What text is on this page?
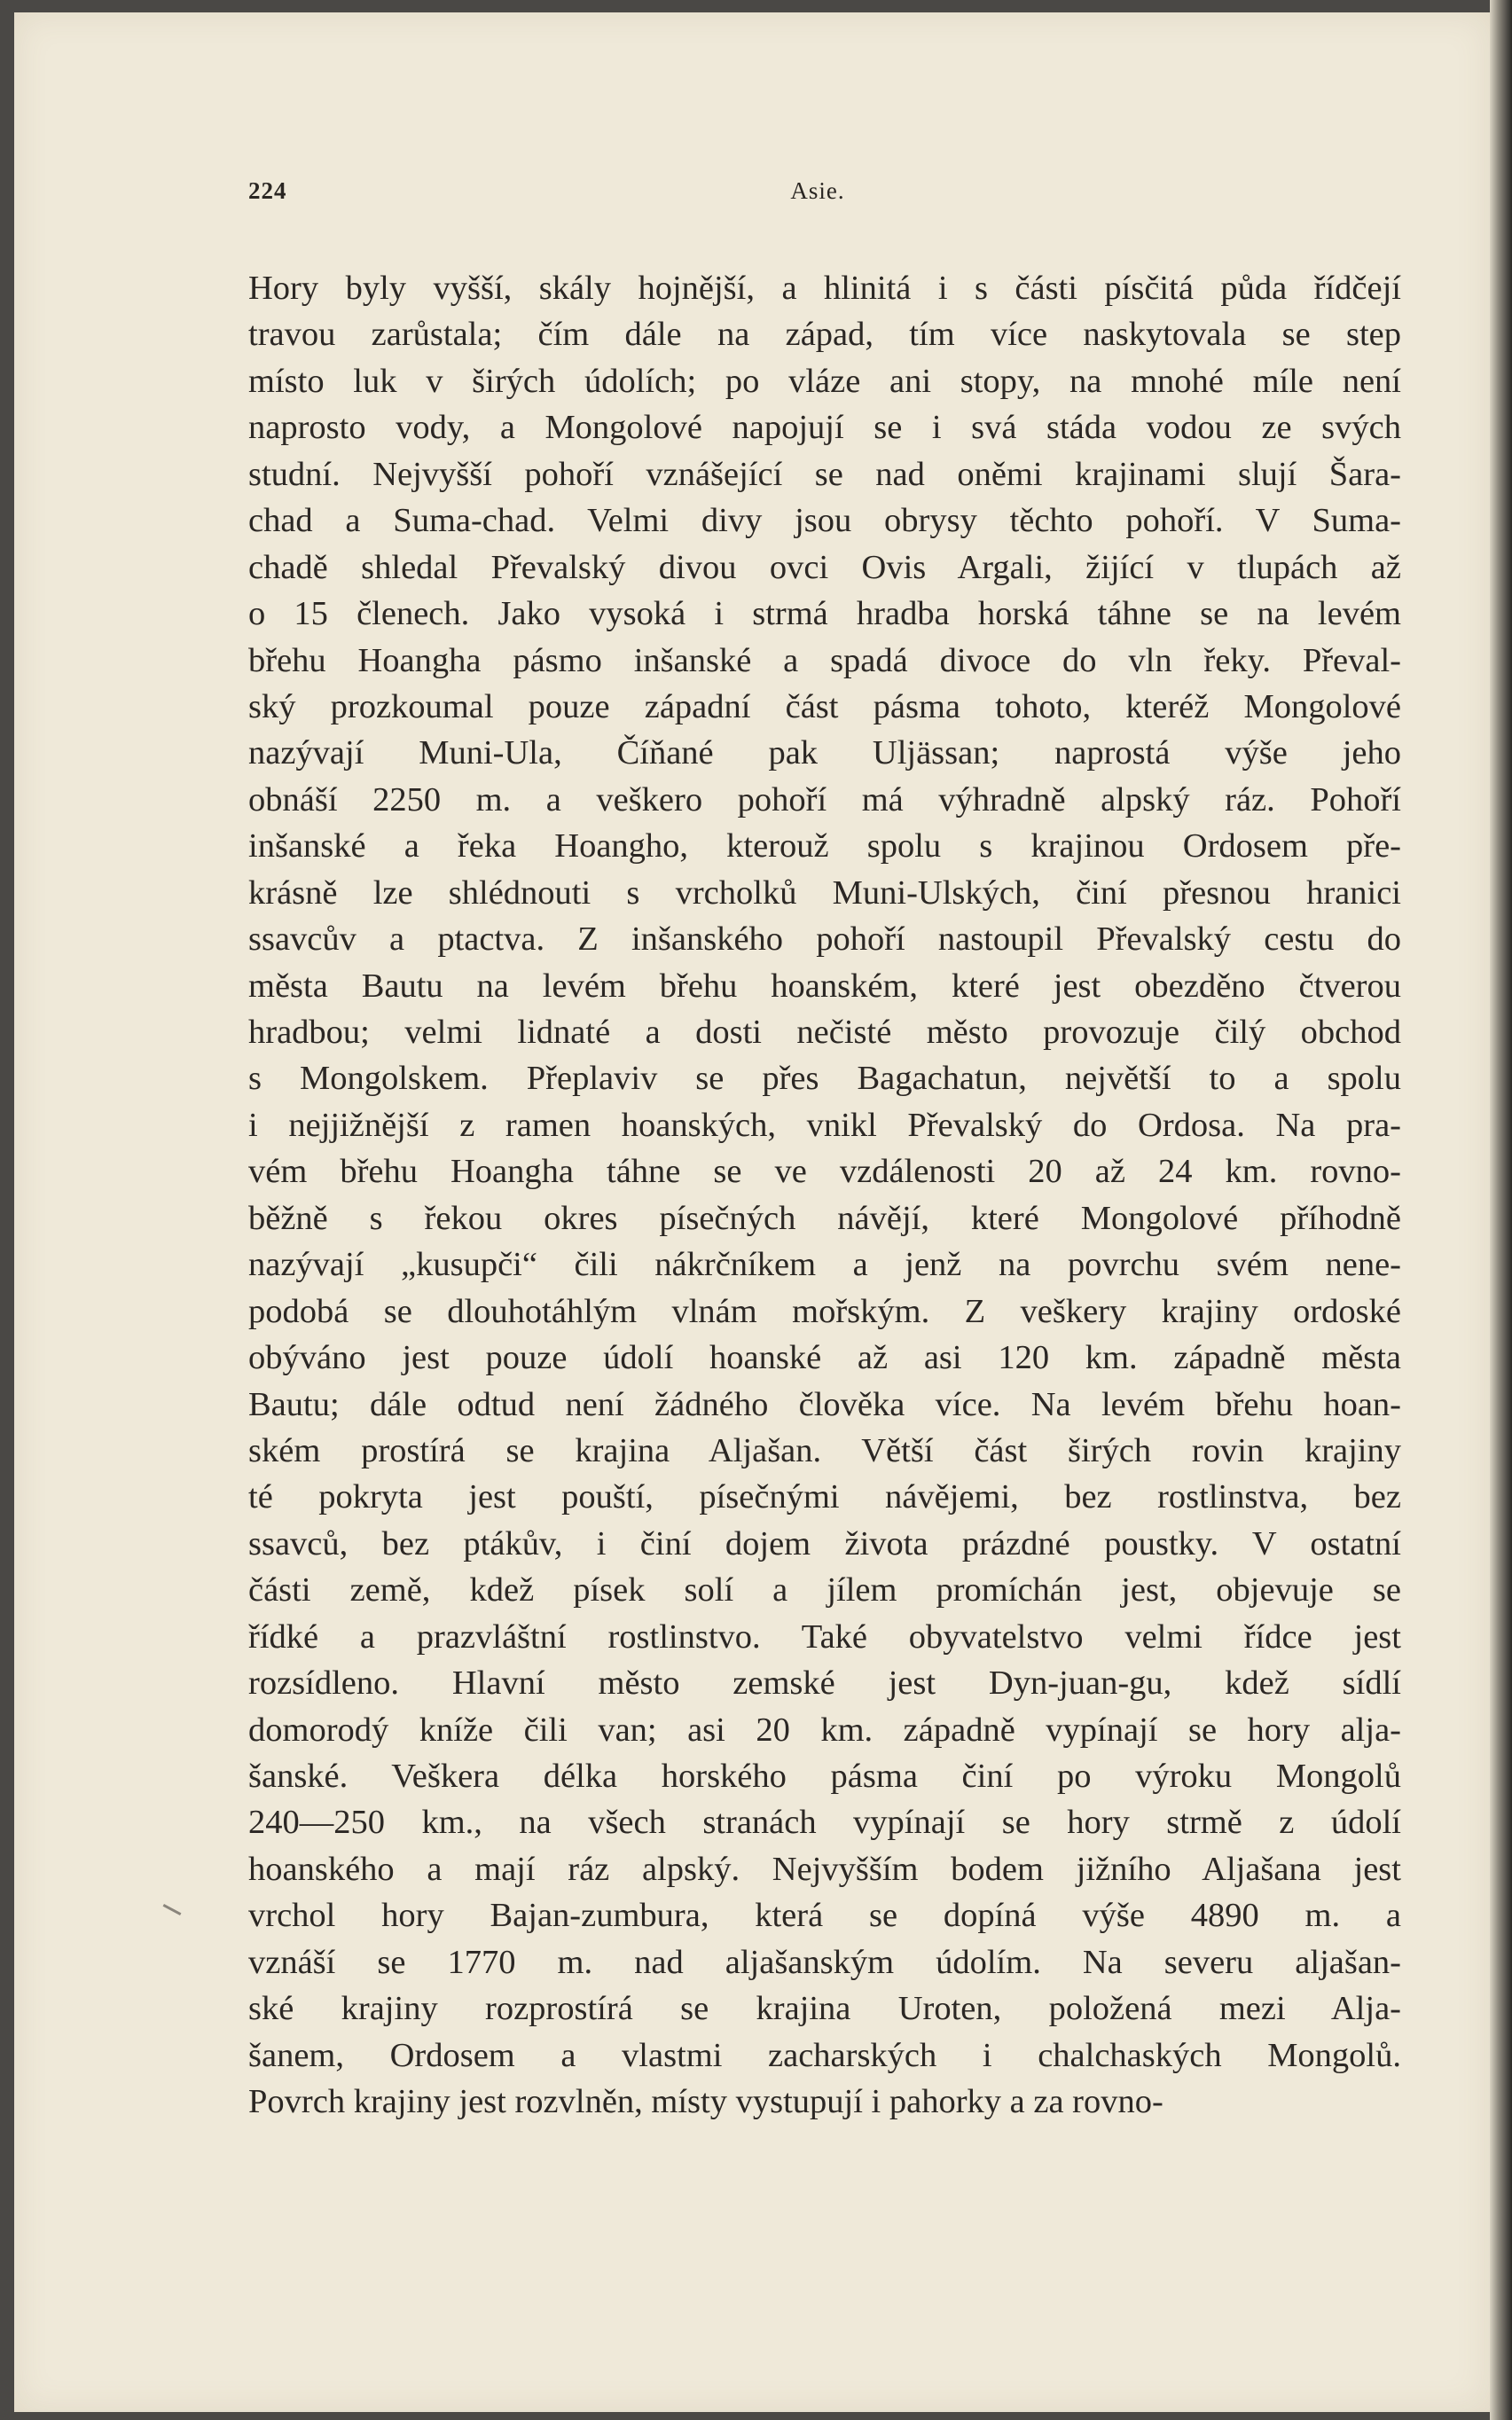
224	Asie.
Hory byly vyšší, skály hojnější, a hlinitá i s části písčitá půda řídčejí
travou zarůstala; čím dále na západ, tím více naskytovala se step
místo luk v širých údolích; po vláze ani stopy, na mnohé míle není
naprosto vody, a Mongolové napojují se i svá stáda vodou ze svých
studní. Nejvyšší pohoří vznášející se nad oněmi krajinami slují Šara-
chad a Suma-chad. Velmi divy jsou obrysy těchto pohoří. V Suma-
chadě shledal Převalský divou ovci Ovis Argali, žijící v tlupách až
o 15 členech. Jako vysoká i strmá hradba horská táhne se na levém
břehu Hoangha pásmo inšanské a spadá divoce do vln řeky. Převal-
ský prozkoumal pouze západní část pásma tohoto, kteréž Mongolové
nazývají Muni-Ula, Číňané pak Uljässan; naprostá výše jeho
obnáší 2250 m. a veškero pohoří má výhradně alpský ráz. Pohoří
inšanské a řeka Hoangho, kterouž spolu s krajinou Ordosem pře-
krásně lze shlédnouti s vrcholků Muni-Ulských, činí přesnou hranici
ssavcův a ptactva. Z inšanského pohoří nastoupil Převalský cestu do
města Bautu na levém břehu hoanském, které jest obezděno čtverou
hradbou; velmi lidnaté a dosti nečisté město provozuje čilý obchod
s Mongolskem. Přeplaviv se přes Bagachatun, největší to a spolu
i nejjižnější z ramen hoanských, vnikl Převalský do Ordosa. Na pra-
vém břehu Hoangha táhne se ve vzdálenosti 20 až 24 km. rovno-
běžně s řekou okres písečných návějí, které Mongolové příhodně
nazývají „kusupči“ čili nákrčníkem a jenž na povrchu svém nene-
podobá se dlouhotáhlým vlnám mořským. Z veškery krajiny ordoské
obýváno jest pouze údolí hoanské až asi 120 km. západně města
Bautu; dále odtud není žádného člověka více. Na levém břehu hoan-
ském prostírá se krajina Aljašan. Větší část širých rovin krajiny
té pokryta jest pouští, písečnými návějemi, bez rostlinstva, bez
ssavců, bez ptákův, i činí dojem života prázdné poustky. V ostatní
části země, kdež písek solí a jílem promíchán jest, objevuje se
řídké a prazvláštní rostlinstvo. Také obyvatelstvo velmi řídce jest
rozsídleno. Hlavní město zemské jest Dyn-juan-gu, kdež sídlí
domorodý kníže čili van; asi 20 km. západně vypínají se hory alja-
šanské. Veškera délka horského pásma činí po výroku Mongolů
240—250 km., na všech stranách vypínají se hory strmě z údolí
hoanského a mají ráz alpský. Nejvyšším bodem jižního Aljašana jest
vrchol hory Bajan-zumbura, která se dopíná výše 4890 m. a
vznáší se 1770 m. nad aljašanským údolím. Na severu aljašan-
ské krajiny rozprostírá se krajina Uroten, položená mezi Alja-
šanem, Ordosem a vlastmi zacharských i chalchaských Mongolů.
Povrch krajiny jest rozvlněn, místy vystupují i pahorky a za rovno-
